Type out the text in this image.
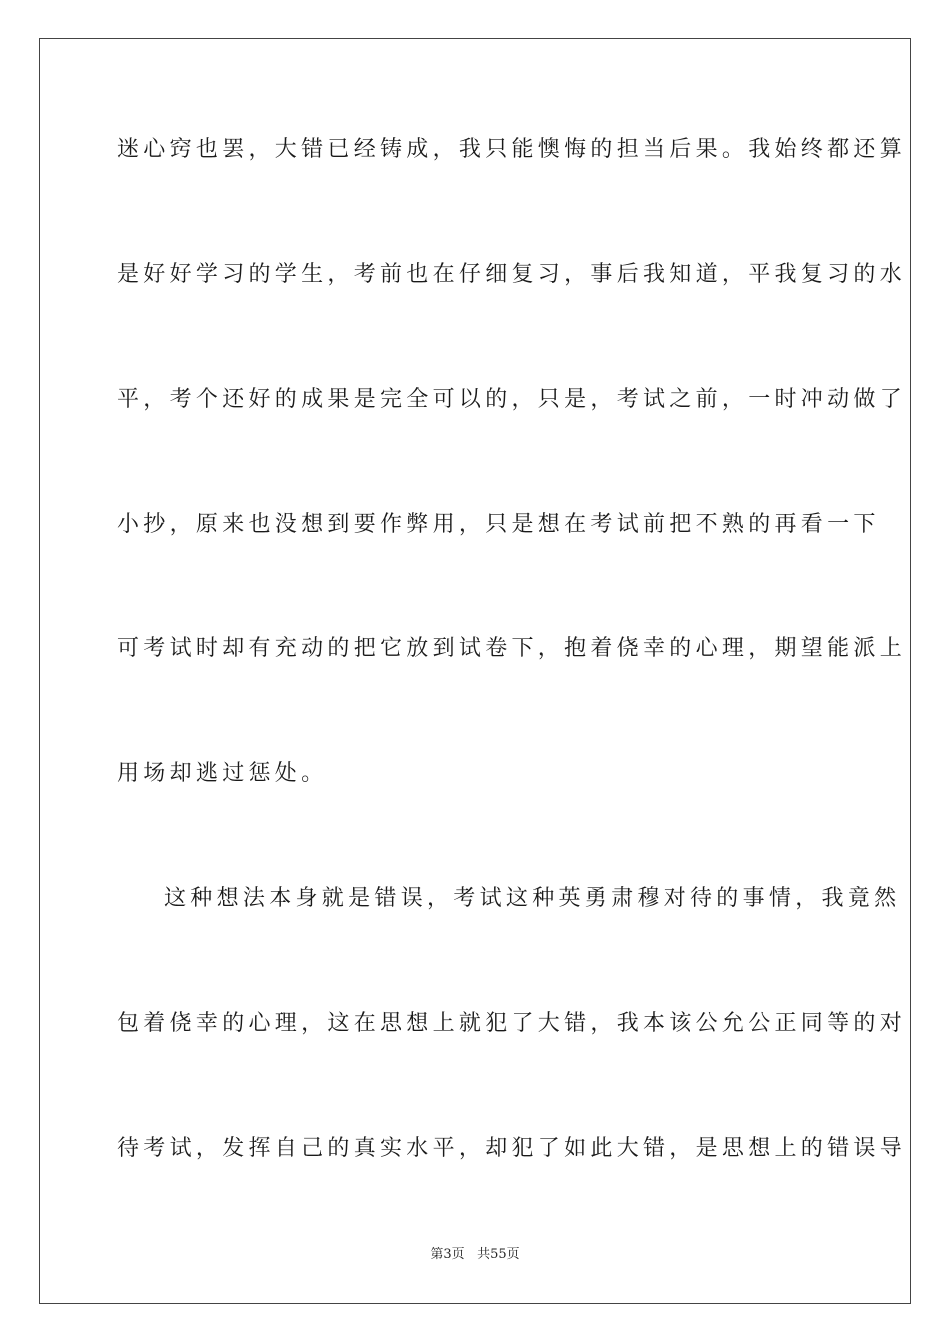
迷心窍也罢，大错已经铸成，我只能懊悔的担当后果。我始终都还算
是好好学习的学生，考前也在仔细复习，事后我知道，平我复习的水
平，考个还好的成果是完全可以的，只是，考试之前，一时冲动做了
小抄，原来也没想到要作弊用，只是想在考试前把不熟的再看一下
可考试时却有充动的把它放到试卷下，抱着侥幸的心理，期望能派上
用场却逃过惩处。
这种想法本身就是错误，考试这种英勇肃穆对待的事情，我竟然
包着侥幸的心理，这在思想上就犯了大错，我本该公允公正同等的对
待考试，发挥自己的真实水平，却犯了如此大错，是思想上的错误导
第3页 共55页
